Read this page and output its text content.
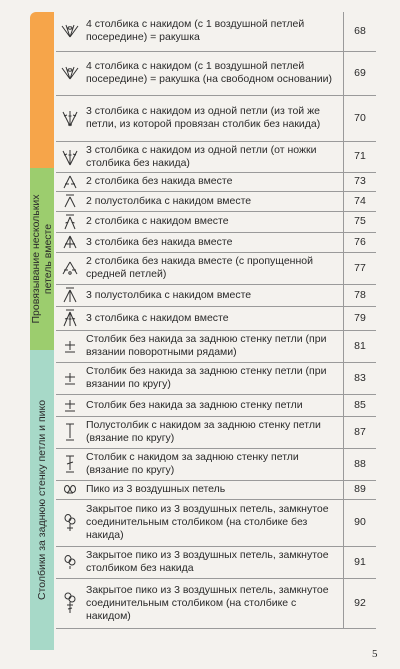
Провязывание нескольких петель вместе
Столбики за заднюю стенку петли и пико
	4 столбика с накидом (с 1 воздушной петлей посередине) = ракушка	68

	4 столбика с накидом (с 1 воздушной петлей посередине) = ракушка (на свободном основании)	69

	3 столбика с накидом из одной петли (из той же петли, из которой провязан столбик без накида)	70

	3 столбика с накидом из одной петли (от ножки столбика без накида)	71

	2 столбика без накида вместе	73

	2 полустолбика с накидом вместе	74

	2 столбика с накидом вместе	75

	3 столбика без накида вместе	76

	2 столбика без накида вместе (с пропущенной средней петлей)	77

	3 полустолбика с накидом вместе	78

	3 столбика с накидом вместе	79

	Столбик без накида за заднюю стенку петли (при вязании поворотными рядами)	81

	Столбик без накида за заднюю стенку петли (при вязании по кругу)	83

	Столбик без накида за заднюю стенку петли	85

	Полустолбик с накидом за заднюю стенку петли (вязание по кругу)	87

	Столбик с накидом за заднюю стенку петли (вязание по кругу)	88

	Пико из 3 воздушных петель	89

	Закрытое пико из 3 воздушных петель, замкнутое соединительным столбиком (на столбике без накида)	90

	Закрытое пико из 3 воздушных петель, замкнутое столбиком без накида	91

	Закрытое пико из 3 воздушных петель, замкнутое соединительным столбиком (на столбике с накидом)	92
5
